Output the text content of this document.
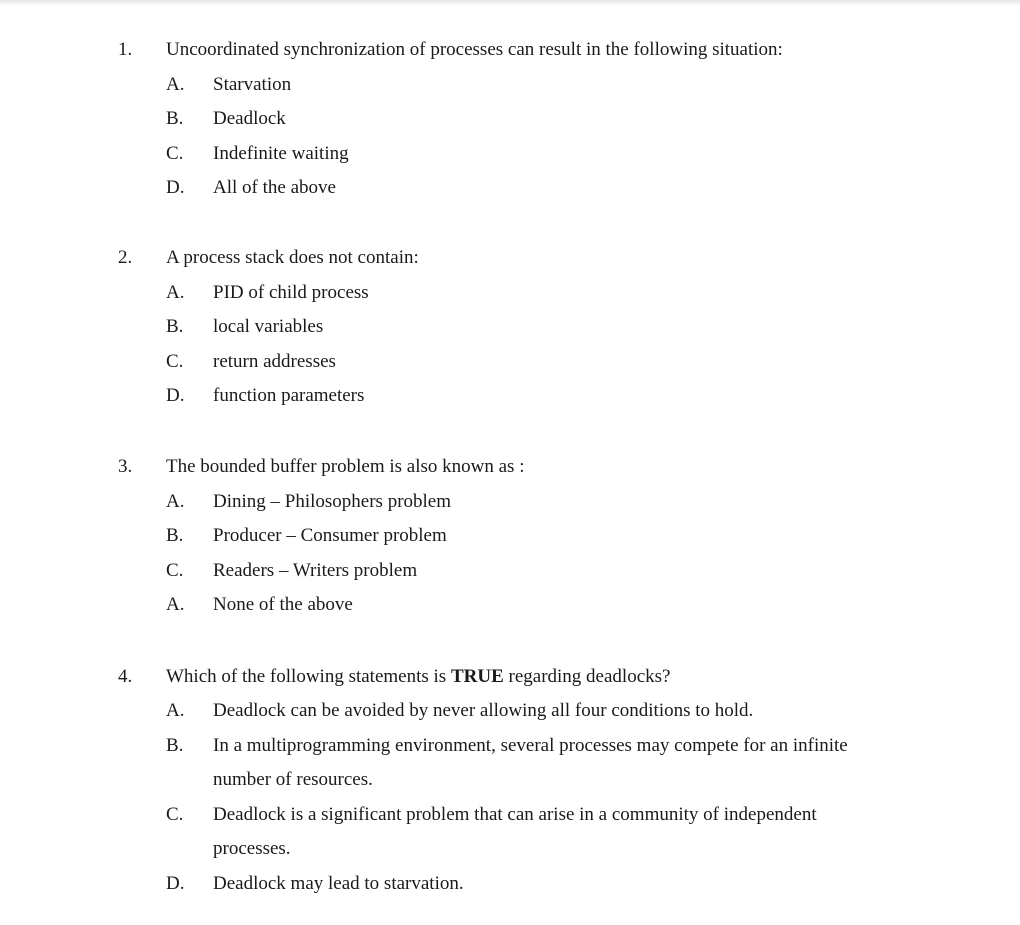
1. Uncoordinated synchronization of processes can result in the following situation:
A. Starvation
B. Deadlock
C. Indefinite waiting
D. All of the above
2. A process stack does not contain:
A. PID of child process
B. local variables
C. return addresses
D. function parameters
3. The bounded buffer problem is also known as :
A. Dining – Philosophers problem
B. Producer – Consumer problem
C. Readers – Writers problem
A. None of the above
4. Which of the following statements is TRUE regarding deadlocks?
A. Deadlock can be avoided by never allowing all four conditions to hold.
B. In a multiprogramming environment, several processes may compete for an infinite
number of resources.
C. Deadlock is a significant problem that can arise in a community of independent
processes.
D. Deadlock may lead to starvation.
